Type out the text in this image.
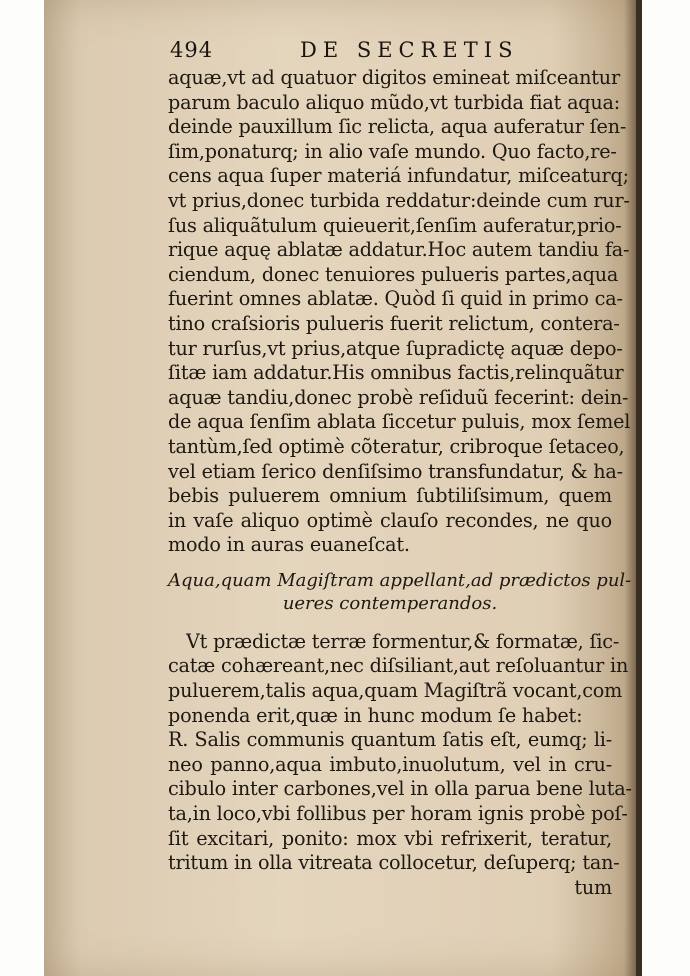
494	DE SECRETIS
aquæ,vt ad quatuor digitos emineat miſceantur
parum baculo aliquo mũdo,vt turbida fiat aqua:
deinde pauxillum ſic relicta, aqua auferatur ſen-
ſim,ponaturq; in alio vaſe mundo. Quo facto,re-
cens aqua ſuper materiá infundatur, miſceaturq;
vt prius,donec turbida reddatur:deinde cum rur-
ſus aliquãtulum quieuerit,ſenſim auferatur,prio-
rique aquę ablatæ addatur.Hoc autem tandiu fa-
ciendum, donec tenuiores pulueris partes,aqua
fuerint omnes ablatæ. Quòd ſi quid in primo ca-
tino craſsioris pulueris fuerit relictum, contera-
tur rurſus,vt prius,atque ſupradictę aquæ depo-
ſitæ iam addatur.His omnibus factis,relinquãtur
aquæ tandiu,donec probè reſiduũ fecerint: dein-
de aqua ſenſim ablata ſiccetur puluis, mox ſemel
tantùm,ſed optimè cõteratur, cribroque ſetaceo,
vel etiam ſerico denſiſsimo transfundatur, & ha-
bebis puluerem omnium ſubtiliſsimum, quem
in vaſe aliquo optimè clauſo recondes, ne quo
modo in auras euaneſcat.
Aqua,quam Magiſtram appellant,ad prædictos pul-
ueres contemperandos.
Vt prædictæ terræ formentur,& formatæ, ſic-
catæ cohæreant,nec diſsiliant,aut reſoluantur in
puluerem,talis aqua,quam Magiſtrã vocant,com
ponenda erit,quæ in hunc modum ſe habet:
R. Salis communis quantum ſatis eſt, eumq; li-
neo panno,aqua imbuto,inuolutum, vel in cru-
cibulo inter carbones,vel in olla parua bene luta-
ta,in loco,vbi follibus per horam ignis probè poſ-
ſit excitari, ponito: mox vbi refrixerit, teratur,
tritum in olla vitreata collocetur, deſuperq; tan-
tum
